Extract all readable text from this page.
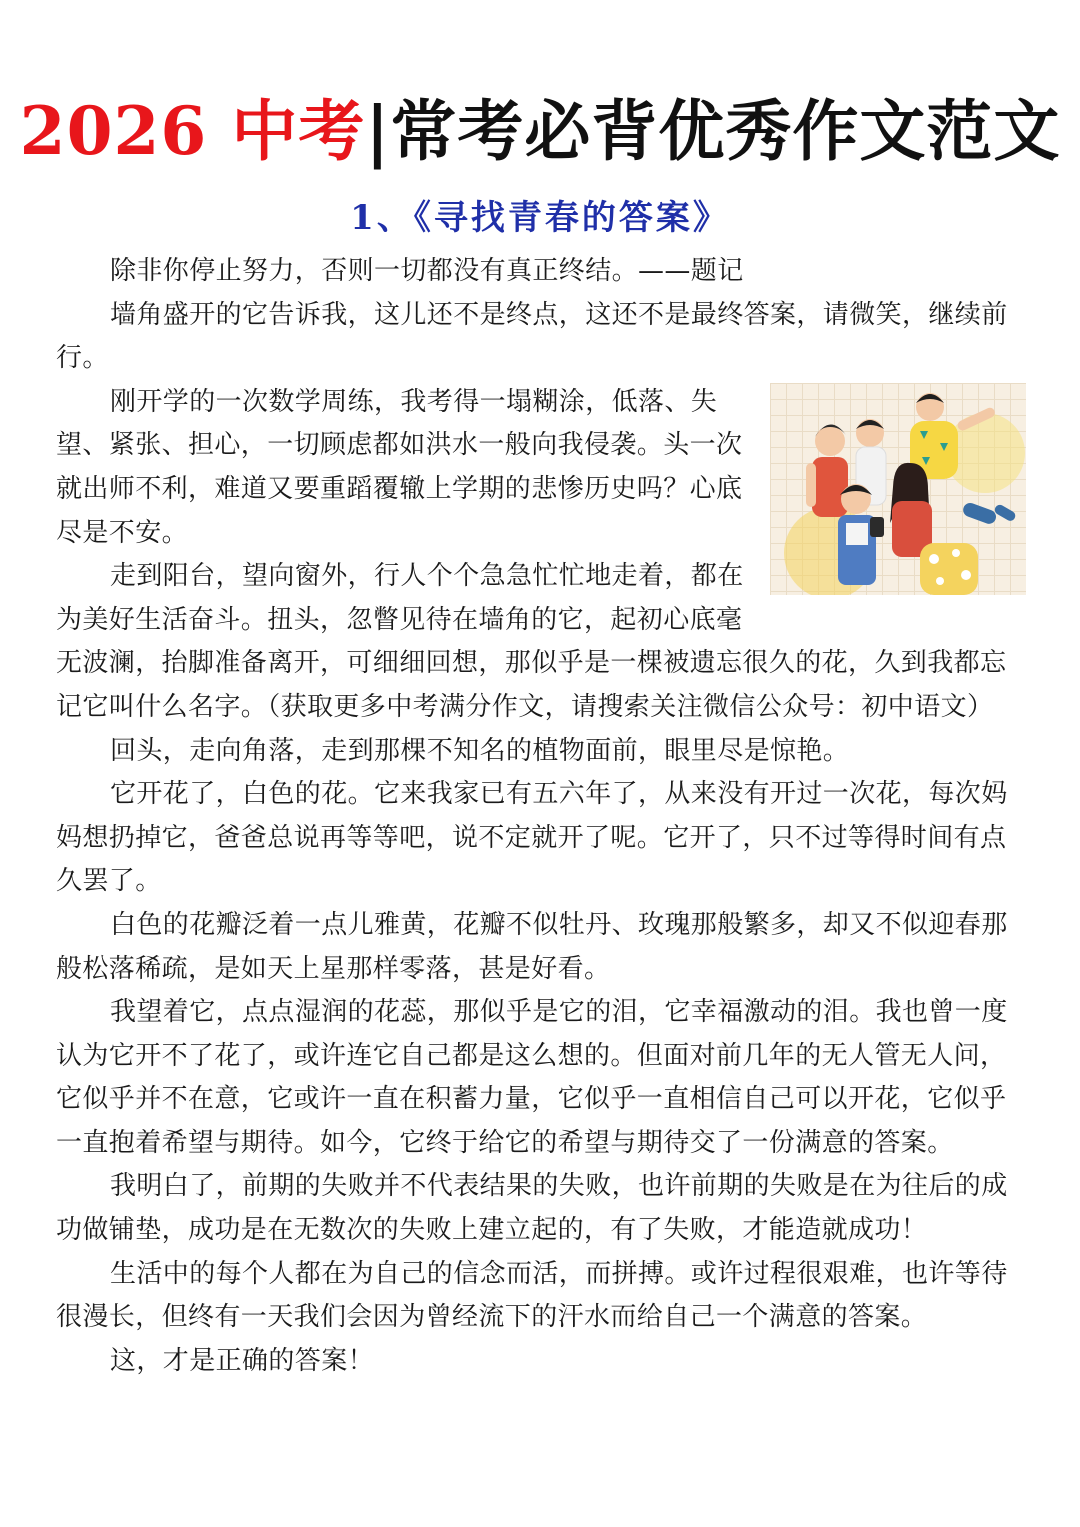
2026 中考|常考必背优秀作文范文
1、《寻找青春的答案》

除非你停止努力，否则一切都没有真正终结。——题记

墙角盛开的它告诉我，这儿还不是终点，这还不是最终答案，请微笑，继续前行。

刚开学的一次数学周练，我考得一塌糊涂，低落、失望、紧张、担心，一切顾虑都如洪水一般向我侵袭。头一次就出师不利，难道又要重蹈覆辙上学期的悲惨历史吗？心底尽是不安。

走到阳台，望向窗外，行人个个急急忙忙地走着，都在为美好生活奋斗。扭头，忽瞥见待在墙角的它，起初心底毫无波澜，抬脚准备离开，可细细回想，那似乎是一棵被遗忘很久的花，久到我都忘记它叫什么名字。（获取更多中考满分作文，请搜索关注微信公众号：初中语文）

回头，走向角落，走到那棵不知名的植物面前，眼里尽是惊艳。

它开花了，白色的花。它来我家已有五六年了，从来没有开过一次花，每次妈妈想扔掉它，爸爸总说再等等吧，说不定就开了呢。它开了，只不过等得时间有点久罢了。

白色的花瓣泛着一点儿雅黄，花瓣不似牡丹、玫瑰那般繁多，却又不似迎春那般松落稀疏，是如天上星那样零落，甚是好看。

我望着它，点点湿润的花蕊，那似乎是它的泪，它幸福激动的泪。我也曾一度认为它开不了花了，或许连它自己都是这么想的。但面对前几年的无人管无人问，它似乎并不在意，它或许一直在积蓄力量，它似乎一直相信自己可以开花，它似乎一直抱着希望与期待。如今，它终于给它的希望与期待交了一份满意的答案。

我明白了，前期的失败并不代表结果的失败，也许前期的失败是在为往后的成功做铺垫，成功是在无数次的失败上建立起的，有了失败，才能造就成功！

生活中的每个人都在为自己的信念而活，而拼搏。或许过程很艰难，也许等待很漫长，但终有一天我们会因为曾经流下的汗水而给自己一个满意的答案。

这，才是正确的答案！
